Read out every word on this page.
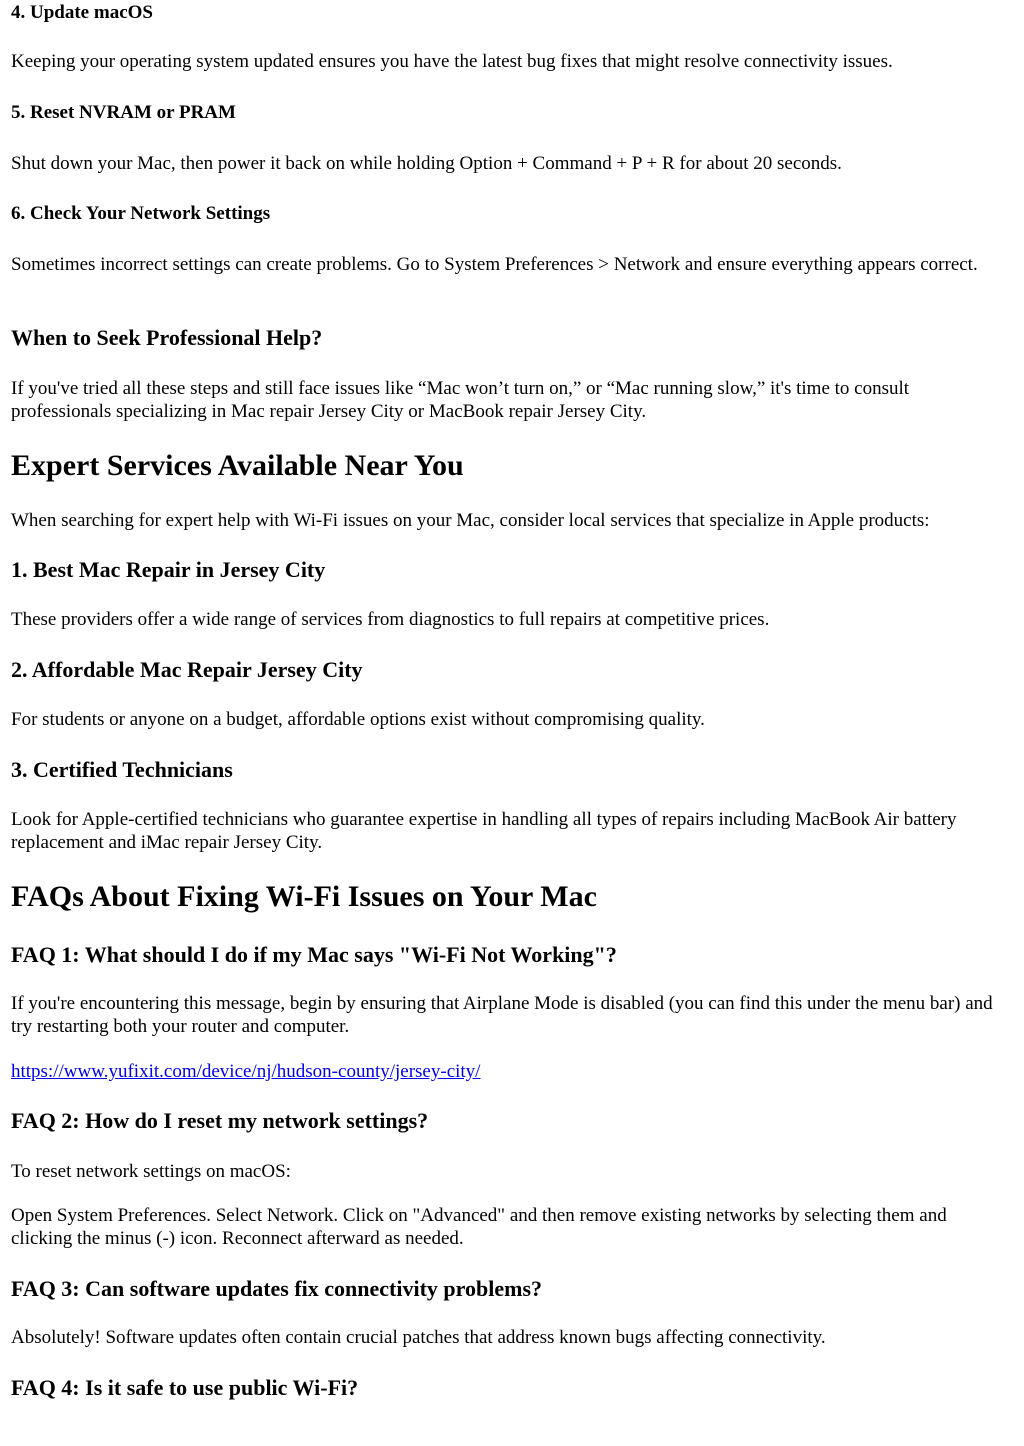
4. Update macOS

Keeping your operating system updated ensures you have the latest bug fixes that might resolve connectivity issues.

5. Reset NVRAM or PRAM

Shut down your Mac, then power it back on while holding Option + Command + P + R for about 20 seconds.

6. Check Your Network Settings

Sometimes incorrect settings can create problems. Go to System Preferences > Network and ensure everything appears correct.

When to Seek Professional Help?

If you've tried all these steps and still face issues like “Mac won’t turn on,” or “Mac running slow,” it's time to consult professionals specializing in Mac repair Jersey City or MacBook repair Jersey City.

Expert Services Available Near You

When searching for expert help with Wi-Fi issues on your Mac, consider local services that specialize in Apple products:

1. Best Mac Repair in Jersey City

These providers offer a wide range of services from diagnostics to full repairs at competitive prices.

2. Affordable Mac Repair Jersey City

For students or anyone on a budget, affordable options exist without compromising quality.

3. Certified Technicians

Look for Apple-certified technicians who guarantee expertise in handling all types of repairs including MacBook Air battery replacement and iMac repair Jersey City.

FAQs About Fixing Wi-Fi Issues on Your Mac
FAQ 1: What should I do if my Mac says "Wi-Fi Not Working"?

If you're encountering this message, begin by ensuring that Airplane Mode is disabled (you can find this under the menu bar) and try restarting both your router and computer.

https://www.yufixit.com/device/nj/hudson-county/jersey-city/

FAQ 2: How do I reset my network settings?

To reset network settings on macOS:

Open System Preferences. Select Network. Click on "Advanced" and then remove existing networks by selecting them and clicking the minus (-) icon. Reconnect afterward as needed.

FAQ 3: Can software updates fix connectivity problems?

Absolutely! Software updates often contain crucial patches that address known bugs affecting connectivity.

FAQ 4: Is it safe to use public Wi-Fi?
